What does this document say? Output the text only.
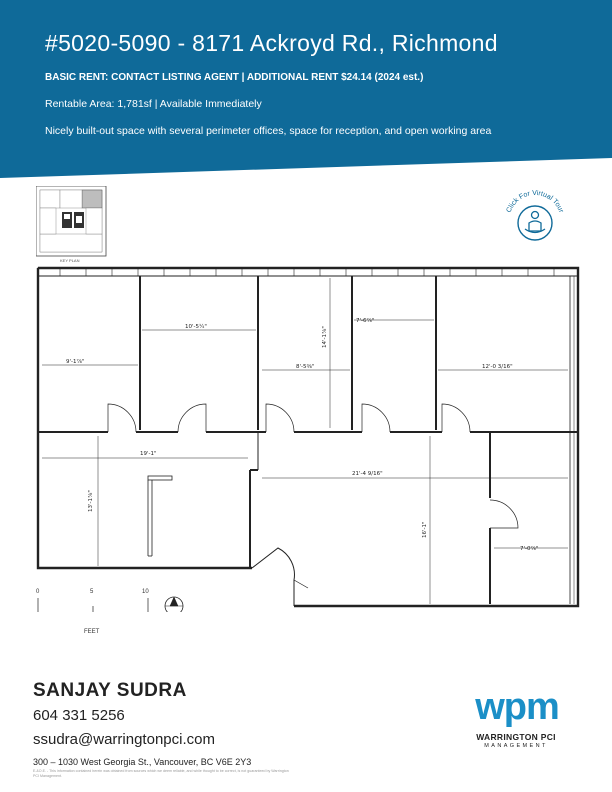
#5020-5090 - 8171 Ackroyd Rd., Richmond
BASIC RENT: CONTACT LISTING AGENT | ADDITIONAL RENT $24.14 (2024 est.)
Rentable Area: 1,781sf | Available Immediately
Nicely built-out space with several perimeter offices, space for reception, and open working area
KEY PLAN
Click For Virtual Tour
9'-1⅞"
10'-5¼"	14'-1⅞"
8'-5⅜"
7'-6⅞"
12'-0 3/16"
19'-1"
13'-1⅞"
21'-4 9/16"
16'-1"
7'-0⅞"
0	5	10
FEET
SANJAY SUDRA
604 331 5256
ssudra@warringtonpci.com
300 – 1030 West Georgia St., Vancouver, BC V6E 2Y3
E.&O.E. - This information contained herein was obtained from sources which we deem reliable, and while thought to be correct, is not guaranteed by Warrington PCI Management.
wpm
WARRINGTON PCI
MANAGEMENT
